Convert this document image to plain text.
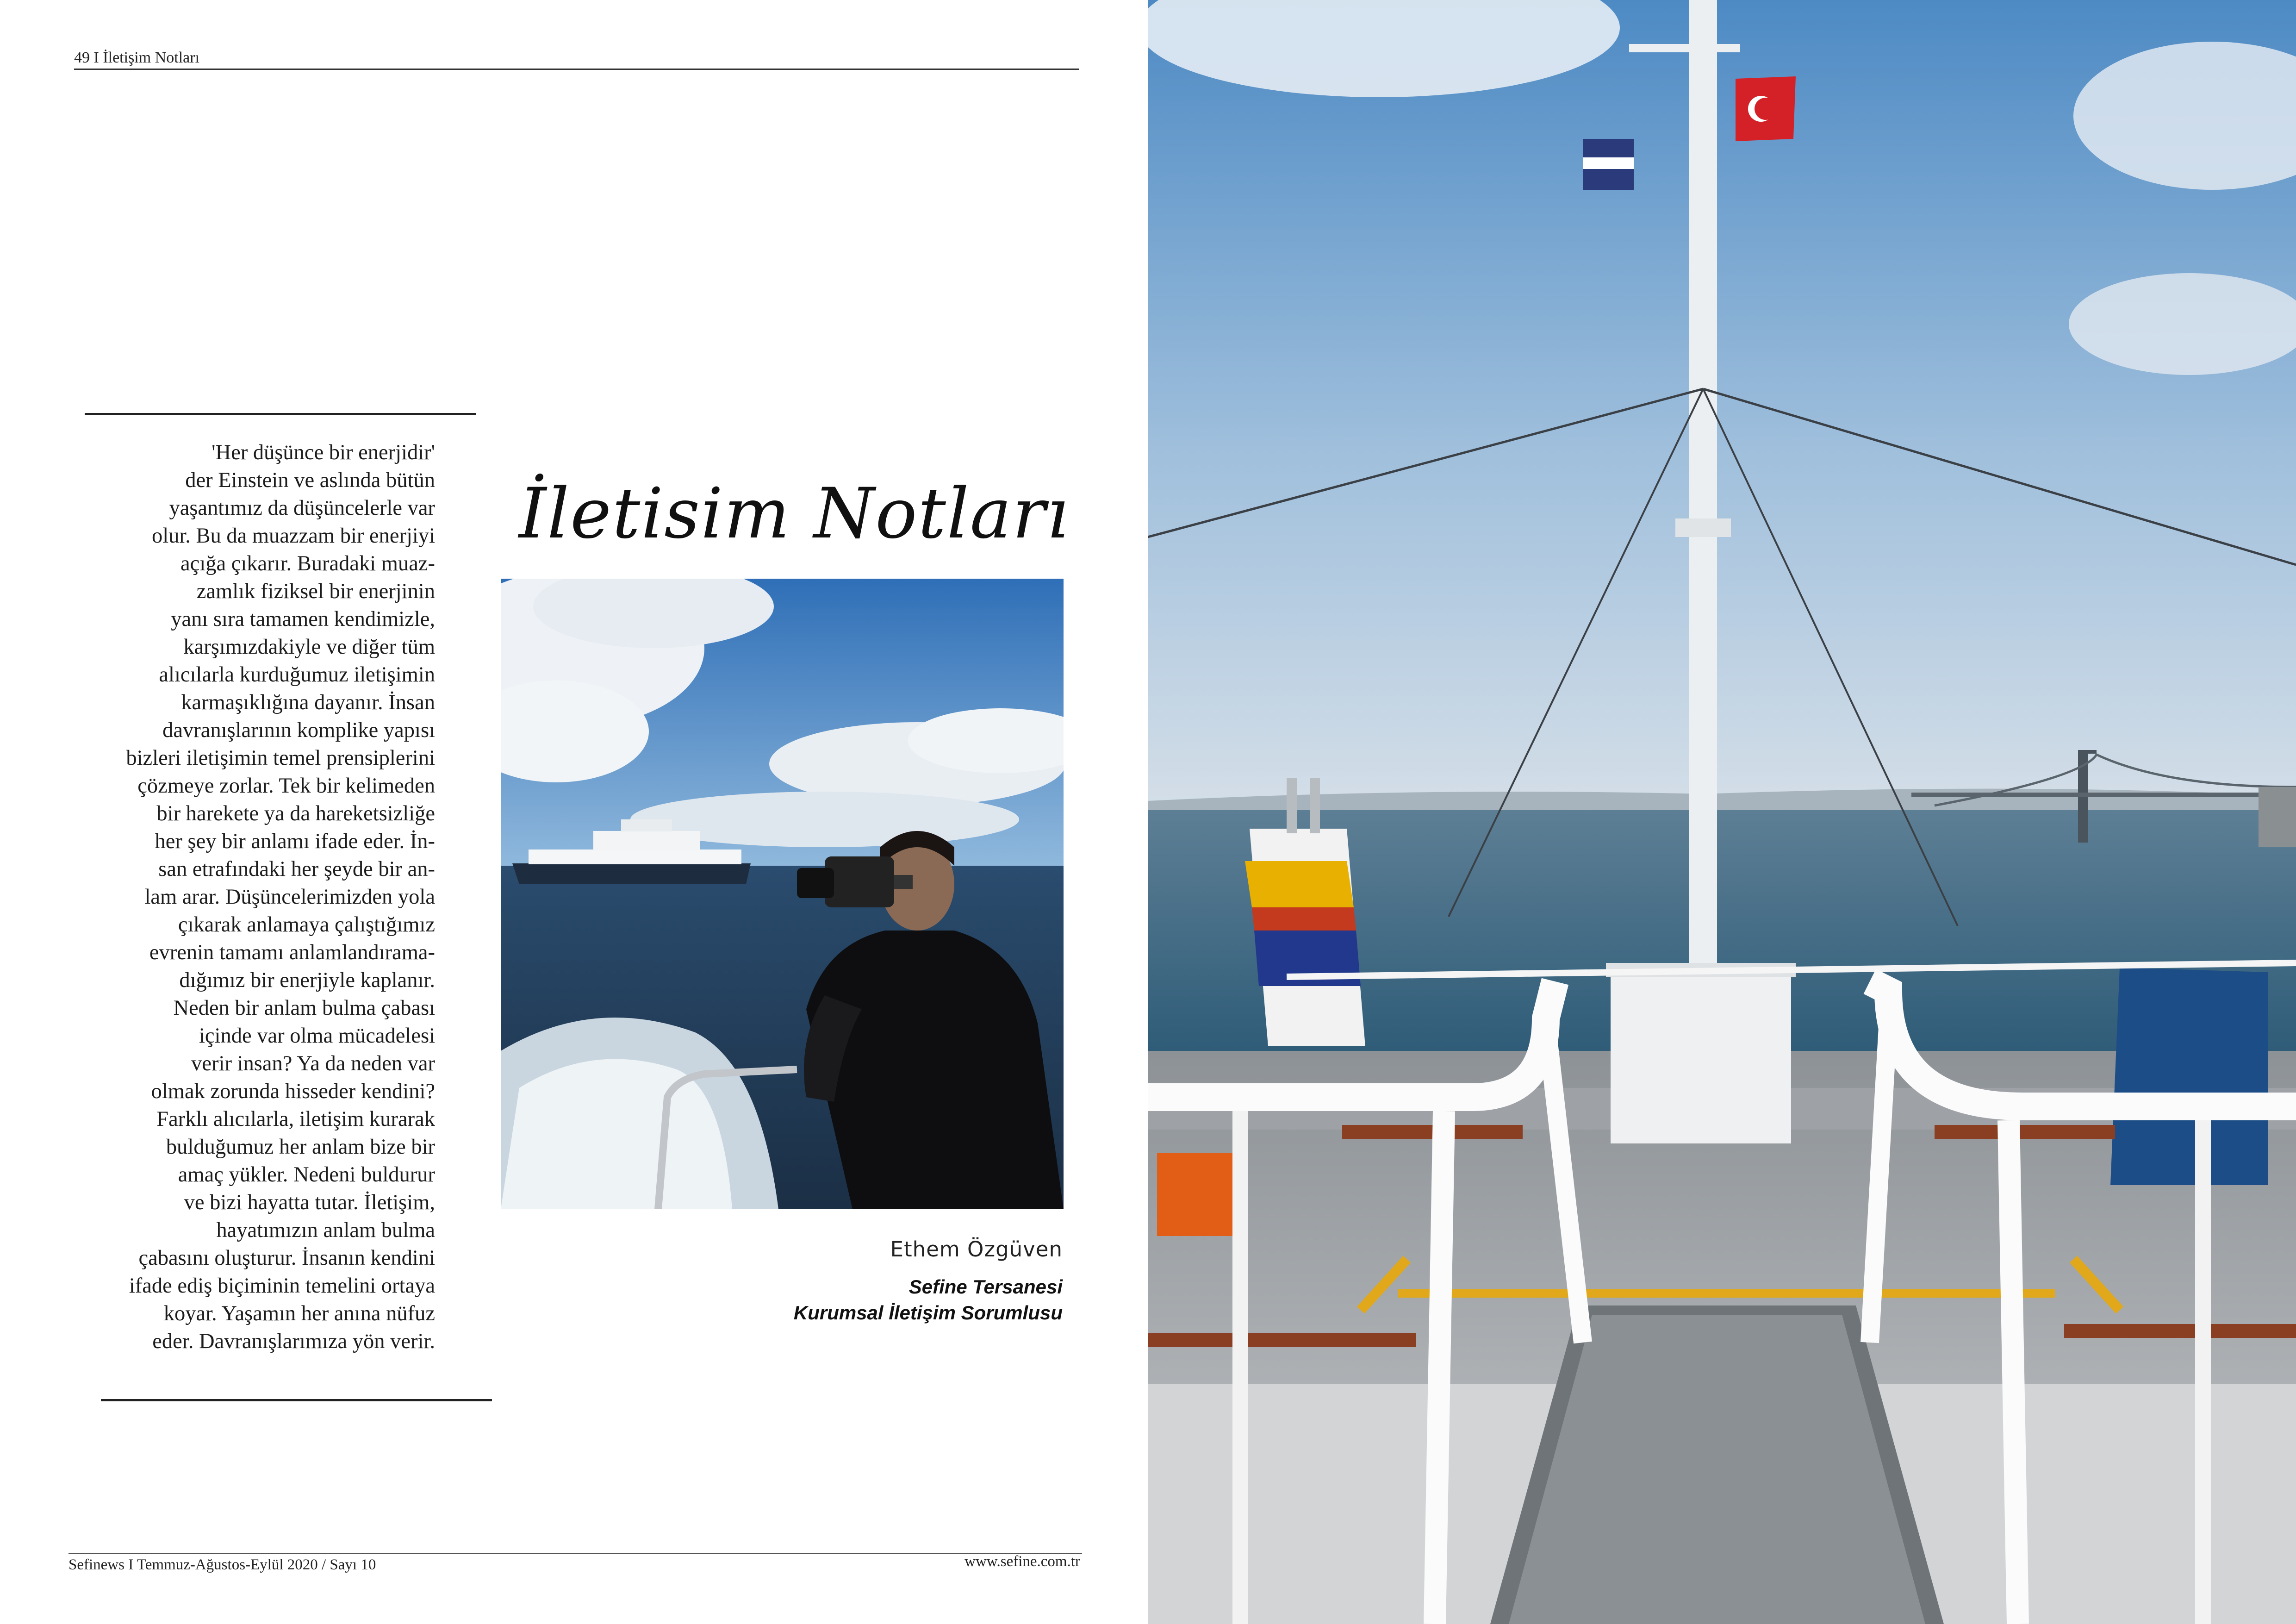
49 I İletişim Notları

'Her düşünce bir enerjidir'

der Einstein ve aslında bütün

yaşantımız da düşüncelerle var

olur. Bu da muazzam bir enerjiyi

açığa çıkarır. Buradaki muaz-

zamlık fiziksel bir enerjinin

yanı sıra tamamen kendimizle,

karşımızdakiyle ve diğer tüm

alıcılarla kurduğumuz iletişimin

karmaşıklığına dayanır. İnsan

davranışlarının komplike yapısı

bizleri iletişimin temel prensiplerini

çözmeye zorlar. Tek bir kelimeden

bir harekete ya da hareketsizliğe

her şey bir anlamı ifade eder. İn-

san etrafındaki her şeyde bir an-

lam arar. Düşüncelerimizden yola

çıkarak anlamaya çalıştığımız

evrenin tamamı anlamlandırama-

dığımız bir enerjiyle kaplanır.

Neden bir anlam bulma çabası

içinde var olma mücadelesi

verir insan? Ya da neden var

olmak zorunda hisseder kendini?

Farklı alıcılarla, iletişim kurarak

bulduğumuz her anlam bize bir

amaç yükler. Nedeni buldurur

ve bizi hayatta tutar. İletişim,

hayatımızın anlam bulma

çabasını oluşturur. İnsanın kendini

ifade ediş biçiminin temelini ortaya

koyar. Yaşamın her anına nüfuz

eder. Davranışlarımıza yön verir.

İletisim Notları
Ethem Özgüven
Sefine Tersanesi
Kurumsal İletişim Sorumlusu
Sefinews I Temmuz-Ağustos-Eylül 2020 / Sayı 10	www.sefine.com.tr
